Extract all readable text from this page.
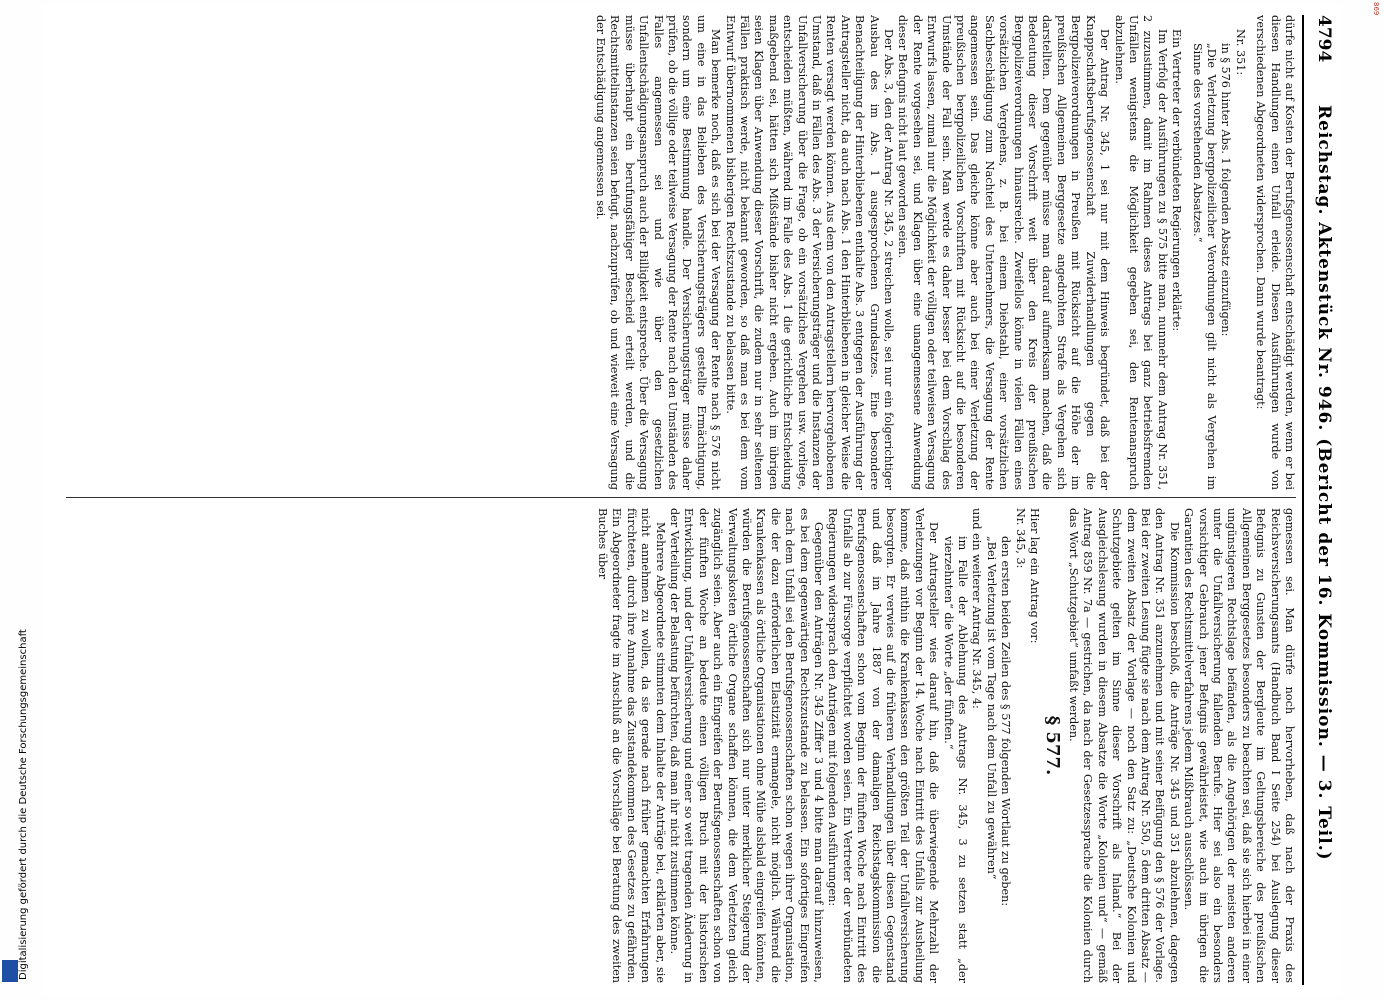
4794
Reichstag. Aktenstück Nr. 946. (Bericht der 16. Kommission. — 3. Teil.)

dürfe nicht auf Kosten der Berufsgenossenschaft entschädigt werden, wenn er bei diesen Handlungen einen Unfall erleide. Diesen Ausführungen wurde von verschiedenen Abgeordneten widersprochen. Dann wurde beantragt:

Nr. 351:

in § 576 hinter Abs. 1 folgenden Absatz einzufügen:

„Die Verletzung bergpolizeilicher Verordnungen gilt nicht als Vergehen im Sinne des vorstehenden Absatzes.“

Ein Vertreter der verbündeten Regierungen erklärte:

Im Verfolg der Ausführungen zu § 575 bitte man, nunmehr dem Antrag Nr. 351, 2 zuzustimmen, damit im Rahmen dieses Antrags bei ganz betriebsfremden Unfällen wenigstens die Möglichkeit gegeben sei, den Rentenanspruch abzulehnen.

Der Antrag Nr. 345, 1 sei nur mit dem Hinweis begründet, daß bei der Knappschaftsberufsgenossenschaft Zuwiderhandlungen gegen die Bergpolizeiverordnungen in Preußen mit Rücksicht auf die Höhe der im preußischen Allgemeinen Berggesetze angedrohten Strafe als Vergehen sich darstellten. Dem gegenüber müsse man darauf aufmerksam machen, daß die Bedeutung dieser Vorschrift weit über den Kreis der preußischen Bergpolizeiverordnungen hinausreiche. Zweifellos könne in vielen Fällen eines vorsätzlichen Vergehens, z. B. bei einem Diebstahl, einer vorsätzlichen Sachbeschädigung zum Nachteil des Unternehmers, die Versagung der Rente angemessen sein. Das gleiche könne aber auch bei einer Verletzung der preußischen bergpolizeilichen Vorschriften mit Rücksicht auf die besonderen Umstände der Fall sein. Man werde es daher besser bei dem Vorschlag des Entwurfs lassen, zumal nur die Möglichkeit der völligen oder teilweisen Versagung der Rente vorgesehen sei, und Klagen über eine unangemessene Anwendung dieser Befugnis nicht laut geworden seien.

Der Abs. 3, den der Antrag Nr. 345, 2 streichen wolle, sei nur ein folgerichtiger Ausbau des im Abs. 1 ausgesprochenen Grundsatzes. Eine besondere Benachteiligung der Hinterbliebenen enthalte Abs. 3 entgegen der Ausführung der Antragsteller nicht, da auch nach Abs. 1 den Hinterbliebenen in gleicher Weise die Renten versagt werden können. Aus dem von den Antragstellern hervorgehobenen Umstand, daß in Fällen des Abs. 3 der Versicherungsträger und die Instanzen der Unfallversicherung über die Frage, ob ein vorsätzliches Vergehen usw. vorliege, entscheiden müßten, während im Falle des Abs. 1 die gerichtliche Entscheidung maßgebend sei, hätten sich Mißstände bisher nicht ergeben. Auch im übrigen seien Klagen über Anwendung dieser Vorschrift, die zudem nur in sehr seltenen Fällen praktisch werde, nicht bekannt geworden, so daß man es bei dem vom Entwurf übernommenen bisherigen Rechtszustande zu belassen bitte.

Man bemerke noch, daß es sich bei der Versagung der Rente nach § 576 nicht um eine in das Belieben des Versicherungsträgers gestellte Ermächtigung, sondern um eine Bestimmung handle. Der Versicherungsträger müsse daher prüfen, ob die völlige oder teilweise Versagung der Rente nach den Umständen des Falles angemessen sei und wie über den gesetzlichen Unfallentschädigungsanspruch auch der Billigkeit entspreche. Über die Versagung müsse überhaupt ein berufungsfähiger Bescheid erteilt werden, und die Rechtsmittelinstanzen seien befugt, nachzuprüfen, ob und wieweit eine Versagung der Entschädigung angemessen sei.

gemessen sei. Man dürfe noch hervorheben, daß nach der Praxis des Reichsversicherungsamts (Handbuch Band I Seite 254) bei Auslegung dieser Befugnis zu Gunsten der Bergleute im Geltungsbereiche des preußischen Allgemeinen Berggesetzes besonders zu beachten sei, daß sie sich hierbei in einer ungünstigeren Rechtslage befänden, als die Angehörigen der meisten anderen unter die Unfallversicherung fallenden Berufe. Hier sei also ein besonders vorsichtiger Gebrauch jener Befugnis gewährleistet, wie auch im übrigen die Garantien des Rechtsmittelverfahrens jedem Mißbrauch ausschlössen.

Die Kommission beschloß, die Anträge Nr. 345 und 351 abzulehnen, dagegen den Antrag Nr. 351 anzunehmen und mit seiner Beifügung den § 576 der Vorlage. Bei der zweiten Lesung fügte sie nach dem Antrag Nr. 550, 5 dem dritten Absatz — dem zweiten Absatz der Vorlage — noch den Satz zu: „Deutsche Kolonien und Schutzgebiete gelten im Sinne dieser Vorschrift als Inland.“ Bei der Ausgleichslesung wurden in diesem Absatze die Worte „Kolonien und“ — gemäß Antrag 859 Nr. 7a — gestrichen, da nach der Gesetzessprache die Kolonien durch das Wort „Schutzgebiet“ umfaßt werden.

§ 577.

Hier lag ein Antrag vor:

Nr. 345, 3:

den ersten beiden Zeilen des § 577 folgenden Wortlaut zu geben:

„Bei Verletzung ist vom Tage nach dem Unfall zu gewähren“

und ein weiterer Antrag Nr. 345, 4:

im Falle der Ablehnung des Antrags Nr. 345, 3 zu setzen statt „der vierzehnten“ die Worte „der fünften.“

Der Antragsteller wies darauf hin, daß die überwiegende Mehrzahl der Verletzungen vor Beginn der 14. Woche nach Eintritt des Unfalls zur Ausheilung komme, daß mithin die Krankenkassen den größten Teil der Unfallversicherung besorgten. Er verwies auf die früheren Verhandlungen über diesen Gegenstand und daß im Jahre 1887 von der damaligen Reichstagskommission die Berufsgenossenschaften schon vom Beginn der fünften Woche nach Eintritt des Unfalls ab zur Fürsorge verpflichtet worden seien. Ein Vertreter der verbündeten Regierungen widersprach den Anträgen mit folgenden Ausführungen:

Gegenüber den Anträgen Nr. 345 Ziffer 3 und 4 bitte man darauf hinzuweisen, es bei dem gegenwärtigen Rechtszustande zu belassen. Ein sofortiges Eingreifen nach dem Unfall sei den Berufsgenossenschaften schon wegen ihrer Organisation, die der dazu erforderlichen Elastizität ermangele, nicht möglich. Während die Krankenkassen als örtliche Organisationen ohne Mühe alsbald eingreifen könnten, würden die Berufsgenossenschaften sich nur unter merklicher Steigerung der Verwaltungskosten örtliche Organe schaffen können, die dem Verletzten gleich zugänglich seien. Aber auch ein Eingreifen der Berufsgenossenschaften schon von der fünften Woche an bedeute einen völligen Bruch mit der historischen Entwicklung, und der Unfallversicherung und einer so weit tragenden Änderung in der Verteilung der Belastung befürchten, daß man ihr nicht zustimmen könne.

Mehrere Abgeordnete stimmten dem Inhalte der Anträge bei, erklärten aber, sie nicht annehmen zu wollen, da sie gerade nach früher gemachten Erfahrungen fürchteten, durch ihre Annahme das Zustandekommen des Gesetzes zu gefährden. Ein Abgeordneter fragte im Anschluß an die Vorschläge bei Beratung des zweiten Buches über

Digitalisierung gefördert durch die Deutsche Forschungsgemeinschaft
869
